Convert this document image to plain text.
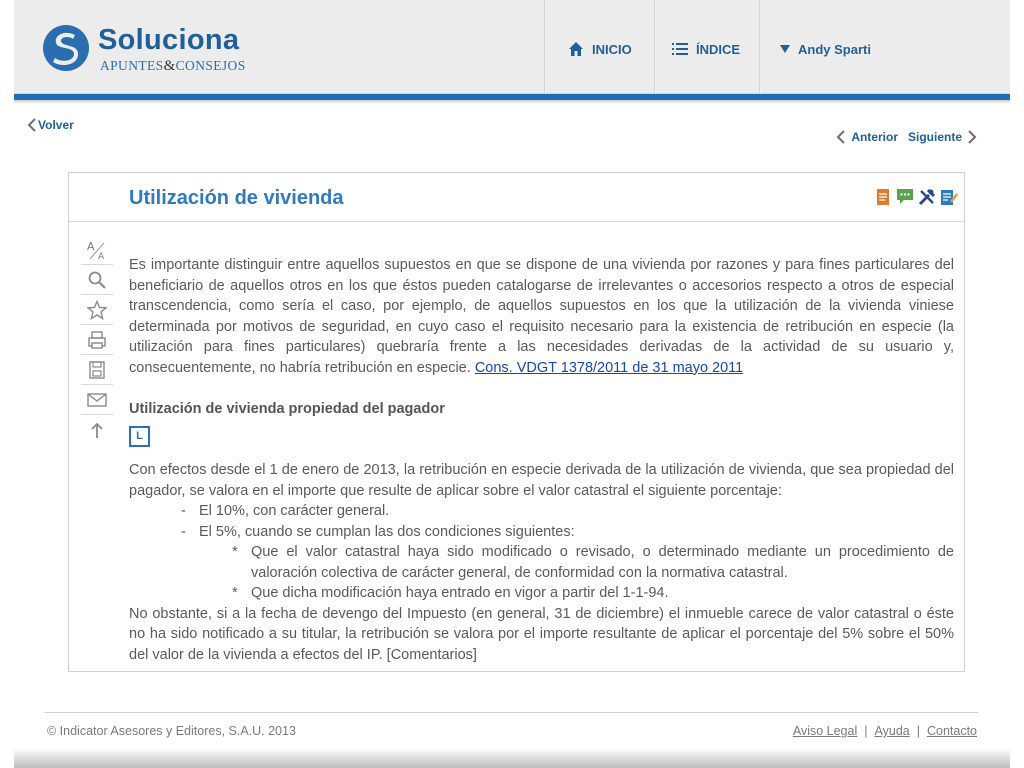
Soluciona
APUNTES&CONSEJOS
INICIO	ÍNDICE	Andy Sparti
Volver
Anterior Siguiente
Utilización de vivienda
A
A

Es importante distinguir entre aquellos supuestos en que se dispone de una vivienda por razones y para fines particulares del beneficiario de aquellos otros en los que éstos pueden catalogarse de irrelevantes o accesorios respecto a otros de especial transcendencia, como sería el caso, por ejemplo, de aquellos supuestos en los que la utilización de la vivienda viniese determinada por motivos de seguridad, en cuyo caso el requisito necesario para la existencia de retribución en especie (la utilización para fines particulares) quebraría frente a las necesidades derivadas de la actividad de su usuario y, consecuentemente, no habría retribución en especie. Cons. VDGT 1378/2011 de 31 mayo 2011

Utilización de vivienda propiedad del pagador
L

Con efectos desde el 1 de enero de 2013, la retribución en especie derivada de la utilización de vivienda, que sea propiedad del pagador, se valora en el importe que resulte de aplicar sobre el valor catastral el siguiente porcentaje:

- El 10%, con carácter general.
- El 5%, cuando se cumplan las dos condiciones siguientes:
* Que el valor catastral haya sido modificado o revisado, o determinado mediante un procedimiento de valoración colectiva de carácter general, de conformidad con la normativa catastral.
* Que dicha modificación haya entrado en vigor a partir del 1-1-94.

No obstante, si a la fecha de devengo del Impuesto (en general, 31 de diciembre) el inmueble carece de valor catastral o éste no ha sido notificado a su titular, la retribución se valora por el importe resultante de aplicar el porcentaje del 5% sobre el 50% del valor de la vivienda a efectos del IP. [Comentarios]

© Indicator Asesores y Editores, S.A.U. 2013	Aviso Legal | Ayuda | Contacto
